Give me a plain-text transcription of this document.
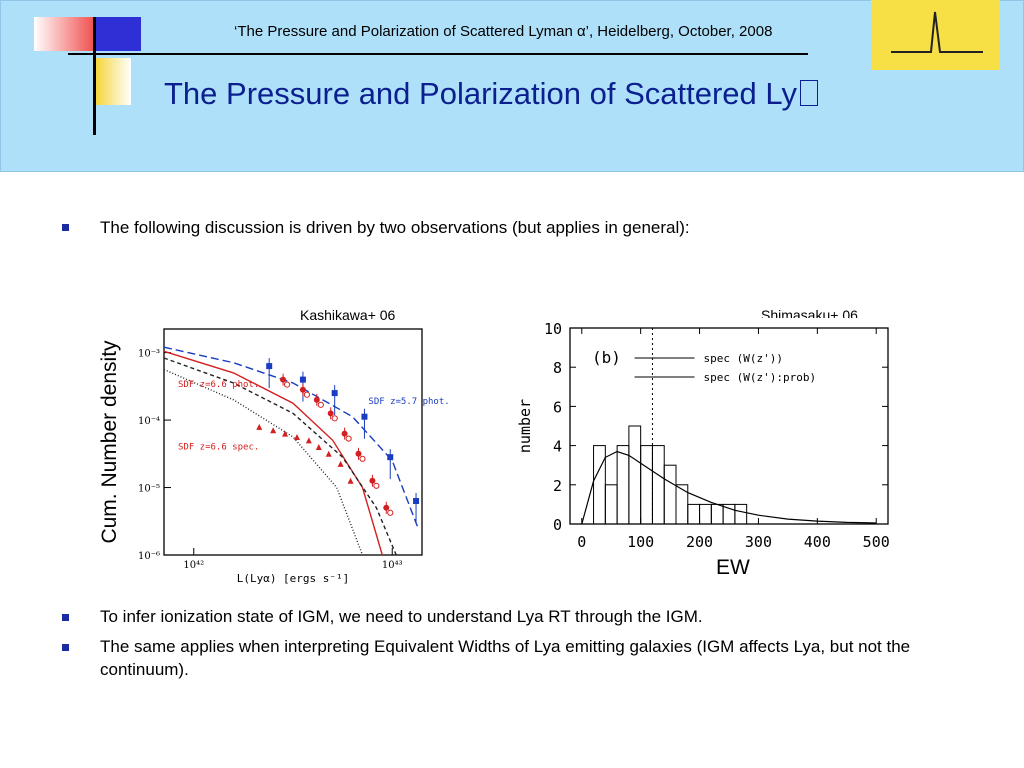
‘The Pressure and Polarization of Scattered Lyman α’, Heidelberg, October, 2008
The Pressure and Polarization of Scattered Ly
The following discussion is driven by two observations (but applies in general):
To infer ionization state of IGM, we need to understand Lya RT through the IGM.
The same applies when interpreting Equivalent Widths of Lya emitting galaxies (IGM affects Lya, but not the continuum).
Kashikawa+ 06	Shimasaku+ 06
Cum. Number density
EW
10⁻³
10⁻⁴
10⁻⁵
10⁻⁶
10⁴²	10⁴³
L(Lyα) [ergs s⁻¹]
SDF z=6.6 phot.
SDF z=6.6 spec.
SDF z=5.7 phot.
0
2
4
6
8
10
0	100 200 300 400 500
number
(b)	spec (W(z'))
spec (W(z'):prob)
